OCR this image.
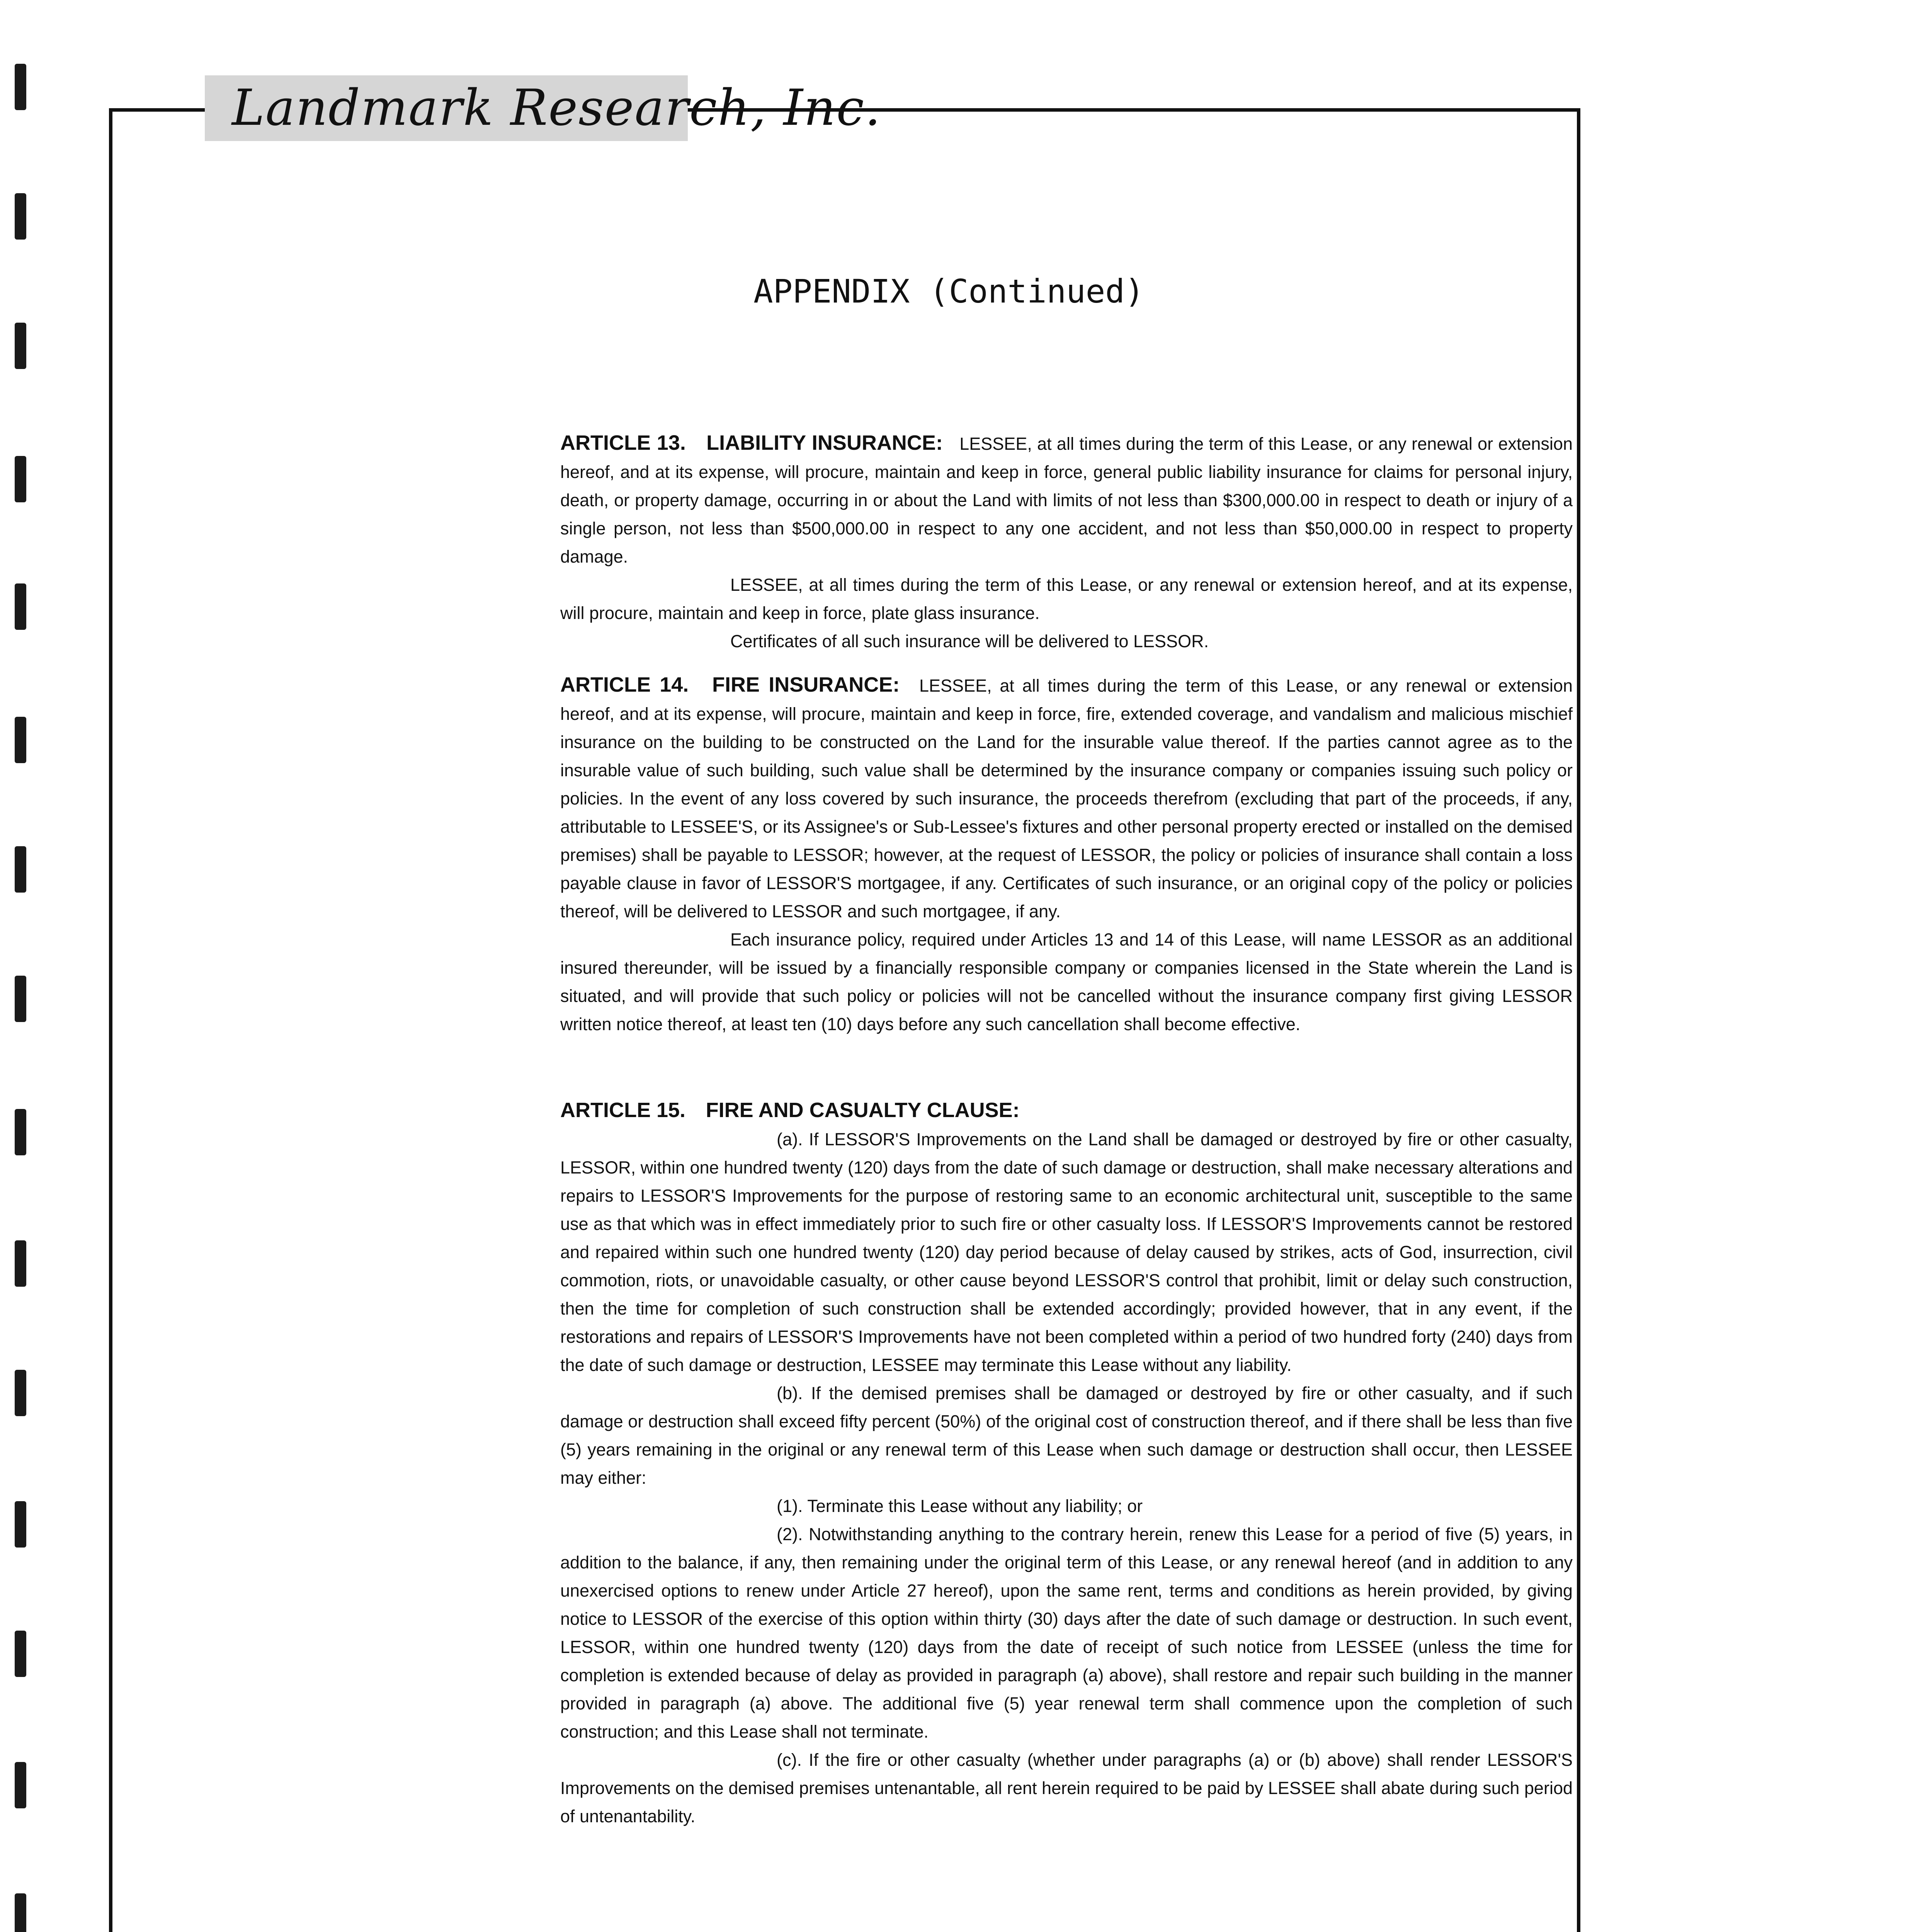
Landmark Research, Inc.
APPENDIX (Continued)

ARTICLE 13. LIABILITY INSURANCE: LESSEE, at all times during the term of this Lease, or any renewal or extension hereof, and at its expense, will procure, maintain and keep in force, general public liability insurance for claims for personal injury, death, or property damage, occurring in or about the Land with limits of not less than $300,000.00 in respect to death or injury of a single person, not less than $500,000.00 in respect to any one accident, and not less than $50,000.00 in respect to property damage.

LESSEE, at all times during the term of this Lease, or any renewal or extension hereof, and at its expense, will procure, maintain and keep in force, plate glass insurance.

Certificates of all such insurance will be delivered to LESSOR.

ARTICLE 14. FIRE INSURANCE: LESSEE, at all times during the term of this Lease, or any renewal or extension hereof, and at its expense, will procure, maintain and keep in force, fire, extended coverage, and vandalism and malicious mischief insurance on the building to be constructed on the Land for the insurable value thereof. If the parties cannot agree as to the insurable value of such building, such value shall be determined by the insurance company or companies issuing such policy or policies. In the event of any loss covered by such insurance, the proceeds therefrom (excluding that part of the proceeds, if any, attributable to LESSEE'S, or its Assignee's or Sub-Lessee's fixtures and other personal property erected or installed on the demised premises) shall be payable to LESSOR; however, at the request of LESSOR, the policy or policies of insurance shall contain a loss payable clause in favor of LESSOR'S mortgagee, if any. Certificates of such insurance, or an original copy of the policy or policies thereof, will be delivered to LESSOR and such mortgagee, if any.

Each insurance policy, required under Articles 13 and 14 of this Lease, will name LESSOR as an additional insured thereunder, will be issued by a financially responsible company or companies licensed in the State wherein the Land is situated, and will provide that such policy or policies will not be cancelled without the insurance company first giving LESSOR written notice thereof, at least ten (10) days before any such cancellation shall become effective.

ARTICLE 15. FIRE AND CASUALTY CLAUSE:

(a). If LESSOR'S Improvements on the Land shall be damaged or destroyed by fire or other casualty, LESSOR, within one hundred twenty (120) days from the date of such damage or destruction, shall make necessary alterations and repairs to LESSOR'S Improvements for the purpose of restoring same to an economic architectural unit, susceptible to the same use as that which was in effect immediately prior to such fire or other casualty loss. If LESSOR'S Improvements cannot be restored and repaired within such one hundred twenty (120) day period because of delay caused by strikes, acts of God, insurrection, civil commotion, riots, or unavoidable casualty, or other cause beyond LESSOR'S control that prohibit, limit or delay such construction, then the time for completion of such construction shall be extended accordingly; provided however, that in any event, if the restorations and repairs of LESSOR'S Improvements have not been completed within a period of two hundred forty (240) days from the date of such damage or destruction, LESSEE may terminate this Lease without any liability.

(b). If the demised premises shall be damaged or destroyed by fire or other casualty, and if such damage or destruction shall exceed fifty percent (50%) of the original cost of construction thereof, and if there shall be less than five (5) years remaining in the original or any renewal term of this Lease when such damage or destruction shall occur, then LESSEE may either:

(1). Terminate this Lease without any liability; or

(2). Notwithstanding anything to the contrary herein, renew this Lease for a period of five (5) years, in addition to the balance, if any, then remaining under the original term of this Lease, or any renewal hereof (and in addition to any unexercised options to renew under Article 27 hereof), upon the same rent, terms and conditions as herein provided, by giving notice to LESSOR of the exercise of this option within thirty (30) days after the date of such damage or destruction. In such event, LESSOR, within one hundred twenty (120) days from the date of receipt of such notice from LESSEE (unless the time for completion is extended because of delay as provided in paragraph (a) above), shall restore and repair such building in the manner provided in paragraph (a) above. The additional five (5) year renewal term shall commence upon the completion of such construction; and this Lease shall not terminate.

(c). If the fire or other casualty (whether under paragraphs (a) or (b) above) shall render LESSOR'S Improvements on the demised premises untenantable, all rent herein required to be paid by LESSEE shall abate during such period of untenantability.
